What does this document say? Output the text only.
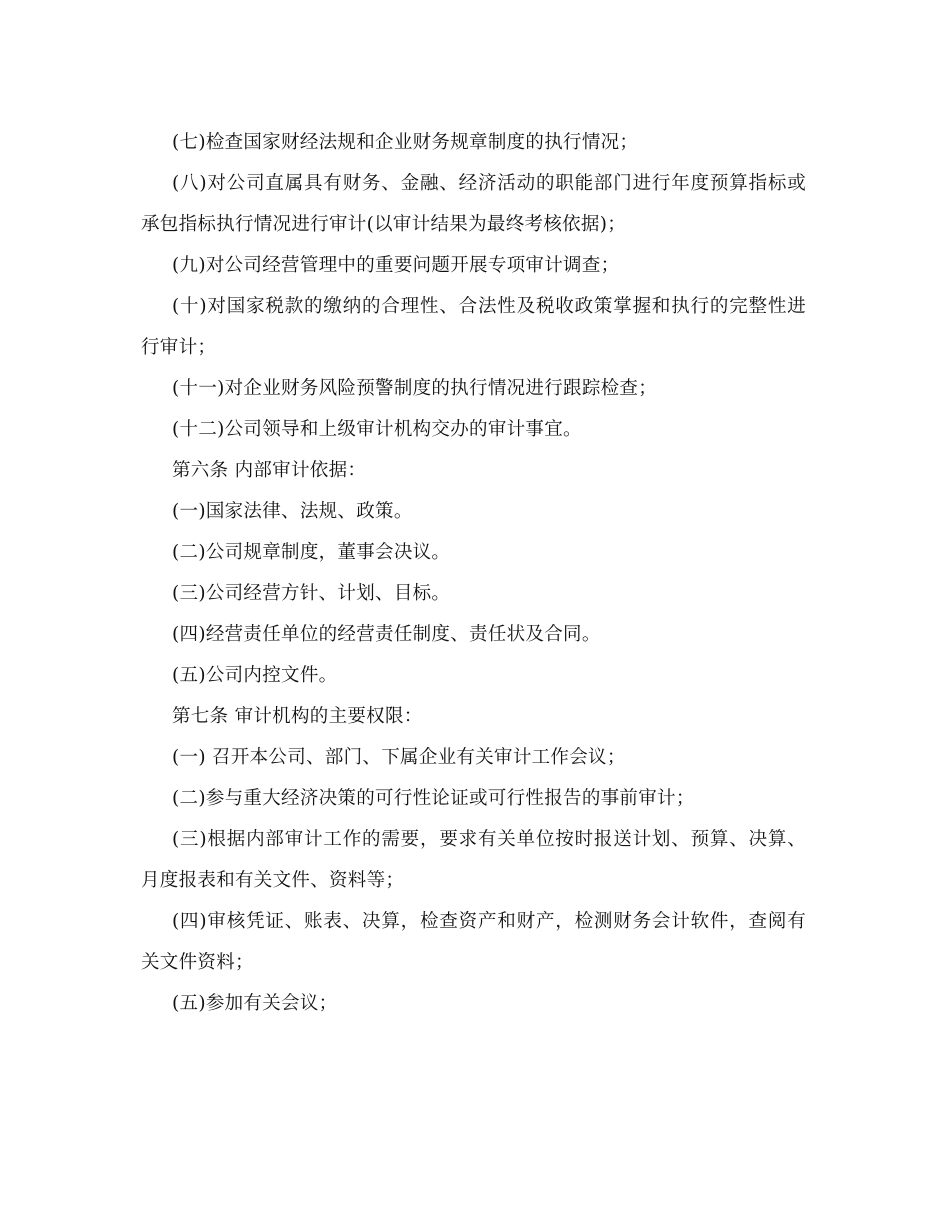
(七)检查国家财经法规和企业财务规章制度的执行情况；

(八)对公司直属具有财务、金融、经济活动的职能部门进行年度预算指标或承包指标执行情况进行审计(以审计结果为最终考核依据)；

(九)对公司经营管理中的重要问题开展专项审计调查；

(十)对国家税款的缴纳的合理性、合法性及税收政策掌握和执行的完整性进行审计；

(十一)对企业财务风险预警制度的执行情况进行跟踪检查；

(十二)公司领导和上级审计机构交办的审计事宜。

第六条 内部审计依据：

(一)国家法律、法规、政策。

(二)公司规章制度，董事会决议。

(三)公司经营方针、计划、目标。

(四)经营责任单位的经营责任制度、责任状及合同。

(五)公司内控文件。

第七条 审计机构的主要权限：

(一) 召开本公司、部门、下属企业有关审计工作会议；

(二)参与重大经济决策的可行性论证或可行性报告的事前审计；

(三)根据内部审计工作的需要，要求有关单位按时报送计划、预算、决算、月度报表和有关文件、资料等；

(四)审核凭证、账表、决算，检查资产和财产，检测财务会计软件，查阅有关文件资料；

(五)参加有关会议；
